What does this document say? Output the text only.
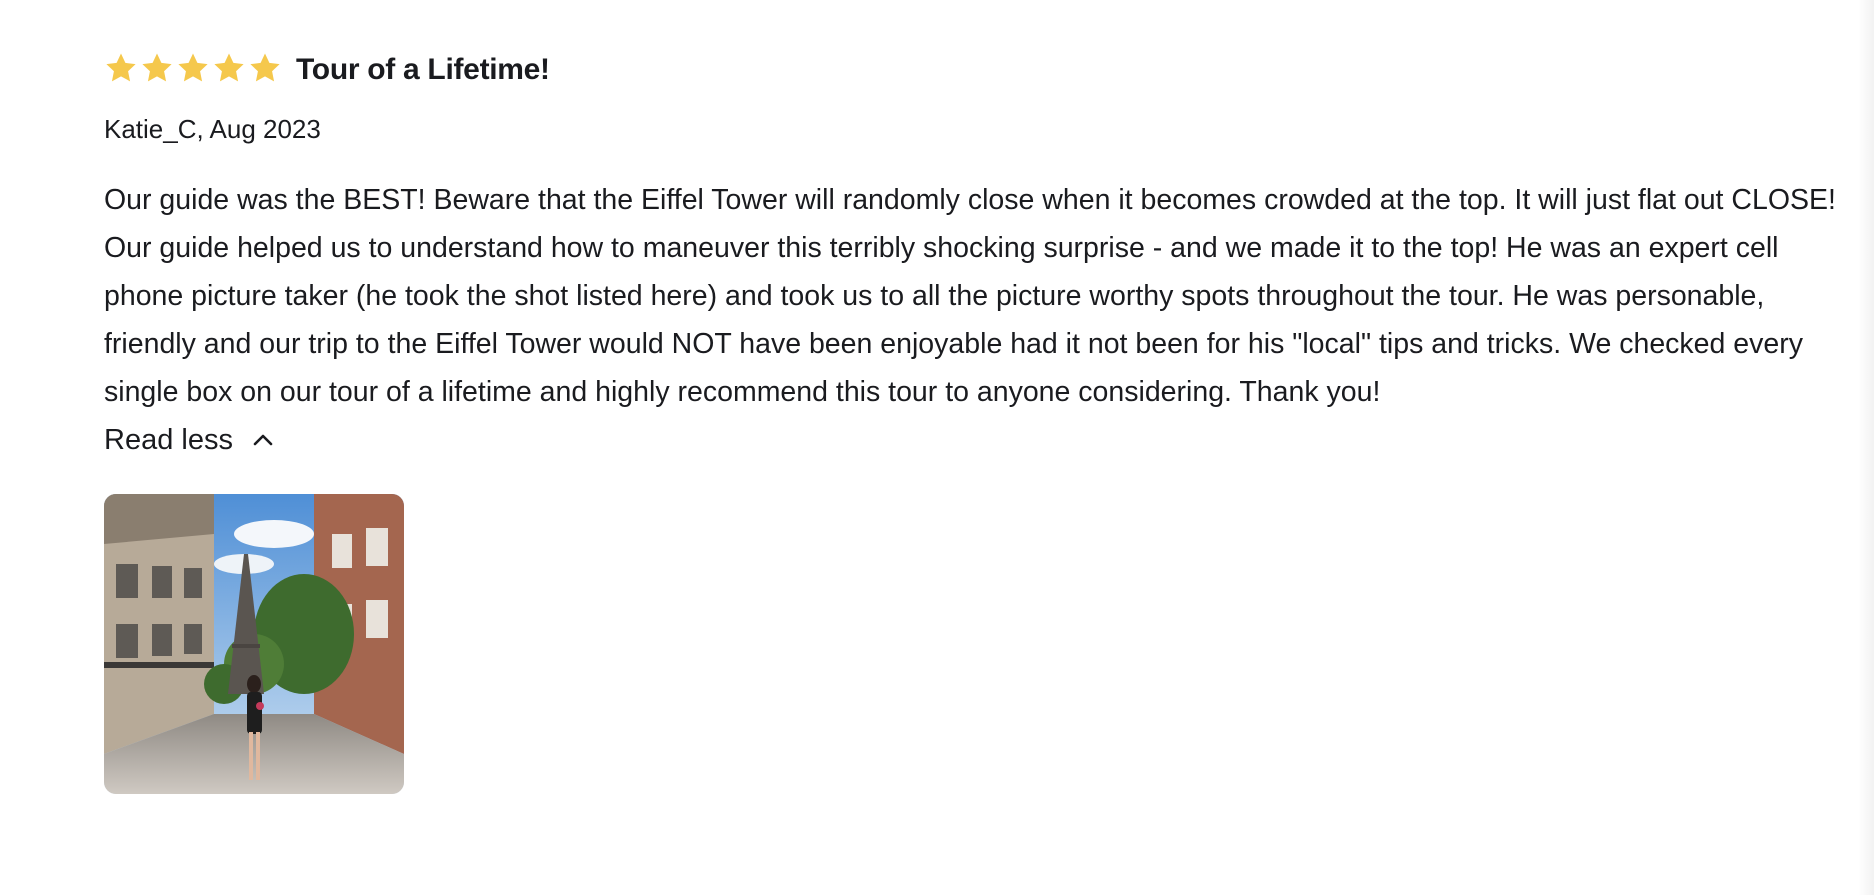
Tour of a Lifetime!
Katie_C, Aug 2023
Our guide was the BEST! Beware that the Eiffel Tower will randomly close when it becomes crowded at the top. It will just flat out CLOSE! Our guide helped us to understand how to maneuver this terribly shocking surprise - and we made it to the top! He was an expert cell phone picture taker (he took the shot listed here) and took us to all the picture worthy spots throughout the tour. He was personable, friendly and our trip to the Eiffel Tower would NOT have been enjoyable had it not been for his "local" tips and tricks. We checked every single box on our tour of a lifetime and highly recommend this tour to anyone considering. Thank you!
Read less
